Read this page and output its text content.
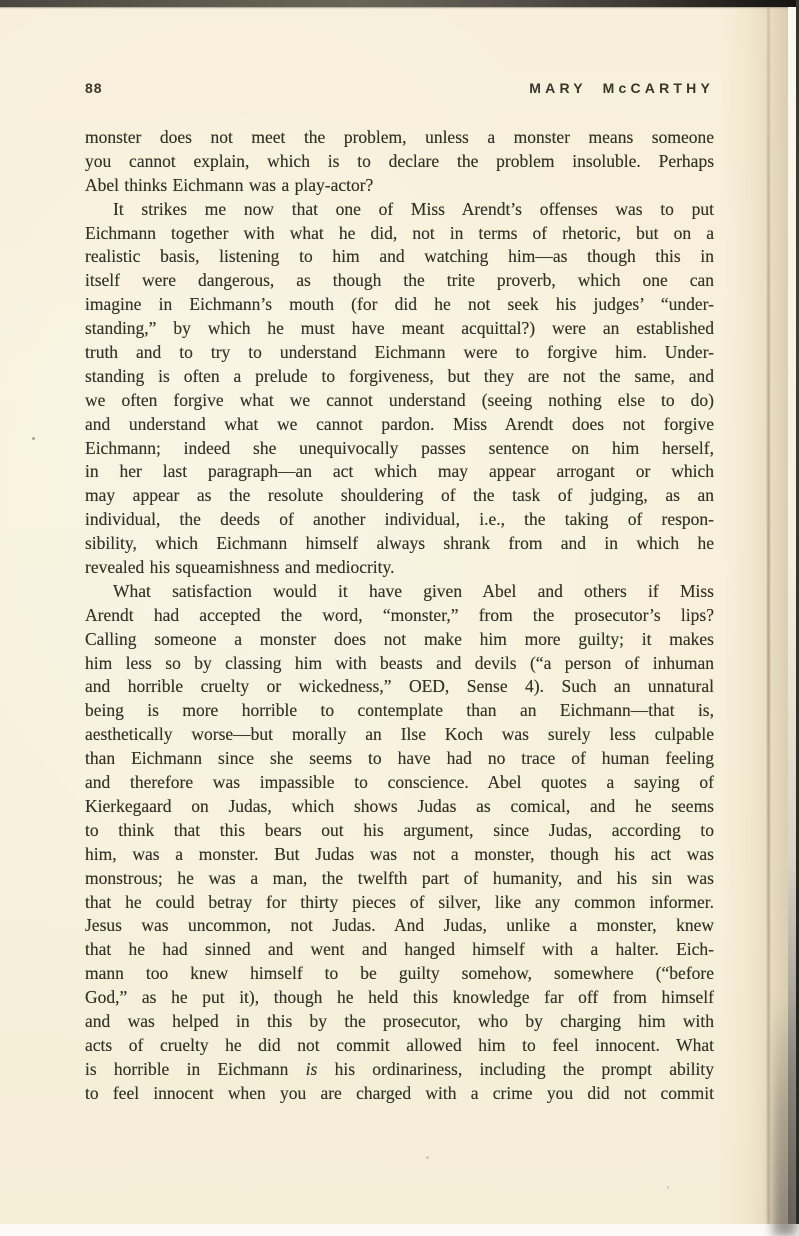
88	MARY McCARTHY
monster does not meet the problem, unless a monster means someone
you cannot explain, which is to declare the problem insoluble. Perhaps
Abel thinks Eichmann was a play-actor?
It strikes me now that one of Miss Arendt’s offenses was to put
Eichmann together with what he did, not in terms of rhetoric, but on a
realistic basis, listening to him and watching him—as though this in
itself were dangerous, as though the trite proverb, which one can
imagine in Eichmann’s mouth (for did he not seek his judges’ “under-
standing,” by which he must have meant acquittal?) were an established
truth and to try to understand Eichmann were to forgive him. Under-
standing is often a prelude to forgiveness, but they are not the same, and
we often forgive what we cannot understand (seeing nothing else to do)
and understand what we cannot pardon. Miss Arendt does not forgive
Eichmann; indeed she unequivocally passes sentence on him herself,
in her last paragraph—an act which may appear arrogant or which
may appear as the resolute shouldering of the task of judging, as an
individual, the deeds of another individual, i.e., the taking of respon-
sibility, which Eichmann himself always shrank from and in which he
revealed his squeamishness and mediocrity.
What satisfaction would it have given Abel and others if Miss
Arendt had accepted the word, “monster,” from the prosecutor’s lips?
Calling someone a monster does not make him more guilty; it makes
him less so by classing him with beasts and devils (“a person of inhuman
and horrible cruelty or wickedness,” OED, Sense 4). Such an unnatural
being is more horrible to contemplate than an Eichmann—that is,
aesthetically worse—but morally an Ilse Koch was surely less culpable
than Eichmann since she seems to have had no trace of human feeling
and therefore was impassible to conscience. Abel quotes a saying of
Kierkegaard on Judas, which shows Judas as comical, and he seems
to think that this bears out his argument, since Judas, according to
him, was a monster. But Judas was not a monster, though his act was
monstrous; he was a man, the twelfth part of humanity, and his sin was
that he could betray for thirty pieces of silver, like any common informer.
Jesus was uncommon, not Judas. And Judas, unlike a monster, knew
that he had sinned and went and hanged himself with a halter. Eich-
mann too knew himself to be guilty somehow, somewhere (“before
God,” as he put it), though he held this knowledge far off from himself
and was helped in this by the prosecutor, who by charging him with
acts of cruelty he did not commit allowed him to feel innocent. What
is horrible in Eichmann is his ordinariness, including the prompt ability
to feel innocent when you are charged with a crime you did not commit
